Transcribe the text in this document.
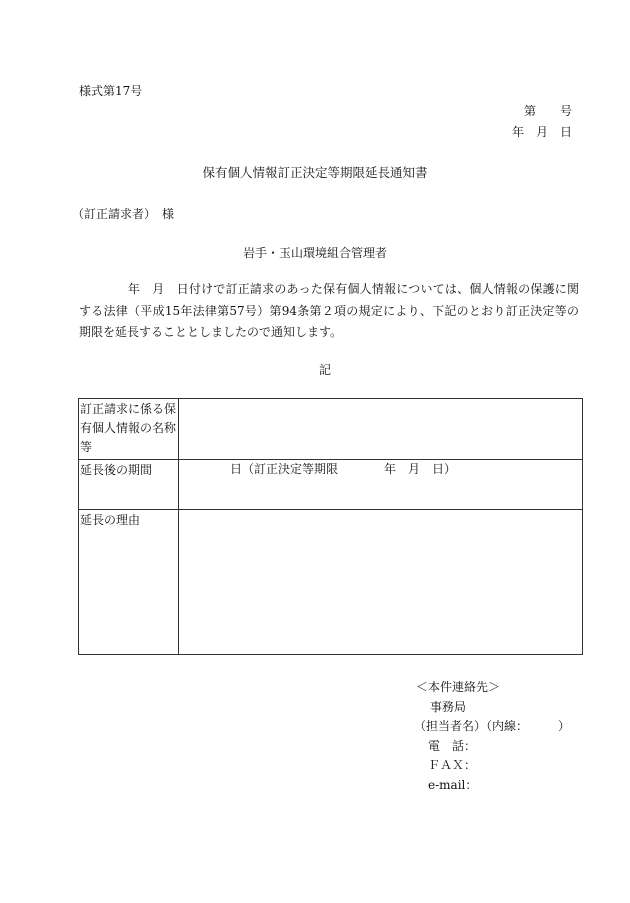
様式第17号
第　　号
年　月　日
保有個人情報訂正決定等期限延長通知書
（訂正請求者）　様
岩手・玉山環境組合管理者
　　　　年　月　日付けで訂正請求のあった保有個人情報については、個人情報の保護に関する法律（平成15年法律第57号）第94条第２項の規定により、下記のとおり訂正決定等の期限を延長することとしましたので通知します。
記
訂正請求に係る保有個人情報の名称等	

延長後の期間	日（訂正決定等期限 年　月　日）

延長の理由	

＜本件連絡先＞
事務局
（担当者名）（内線：　　　）
電　話：
ＦＡＸ：
e-mail：
